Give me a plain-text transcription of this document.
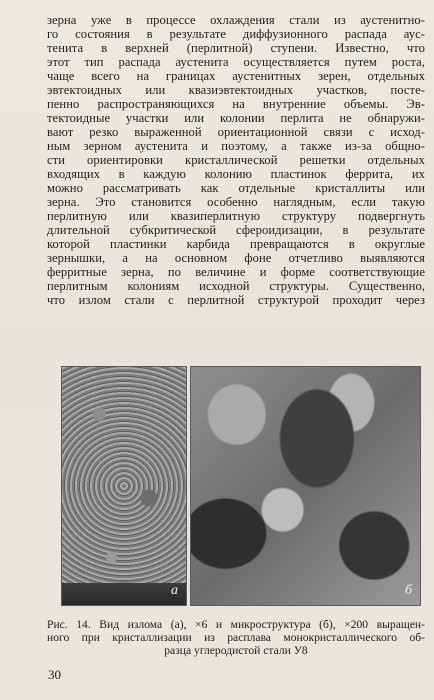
зерна уже в процессе охлаждения стали из аустенитно-
го состояния в результате диффузионного распада аус-
тенита в верхней (перлитной) ступени. Известно, что
этот тип распада аустенита осуществляется путем роста,
чаще всего на границах аустенитных зерен, отдельных
эвтектоидных или квазиэвтектоидных участков, посте-
пенно распространяющихся на внутренние объемы. Эв-
тектоидные участки или колонии перлита не обнаружи-
вают резко выраженной ориентационной связи с исход-
ным зерном аустенита и поэтому, а также из-за общно-
сти ориентировки кристаллической решетки отдельных
входящих в каждую колонию пластинок феррита, их
можно рассматривать как отдельные кристаллиты или
зерна. Это становится особенно наглядным, если такую
перлитную или квазиперлитную структуру подвергнуть
длительной субкритической сфероидизации, в результате
которой пластинки карбида превращаются в округлые
зернышки, а на основном фоне отчетливо выявляются
ферритные зерна, по величине и форме соответствующие
перлитным колониям исходной структуры. Существенно,
что излом стали с перлитной структурой проходит через
а	б
Рис. 14. Вид излома (а), ×6 и микроструктура (б), ×200 выращен-
ного при кристаллизации из расплава монокристаллического об-
разца углеродистой стали У8
30
